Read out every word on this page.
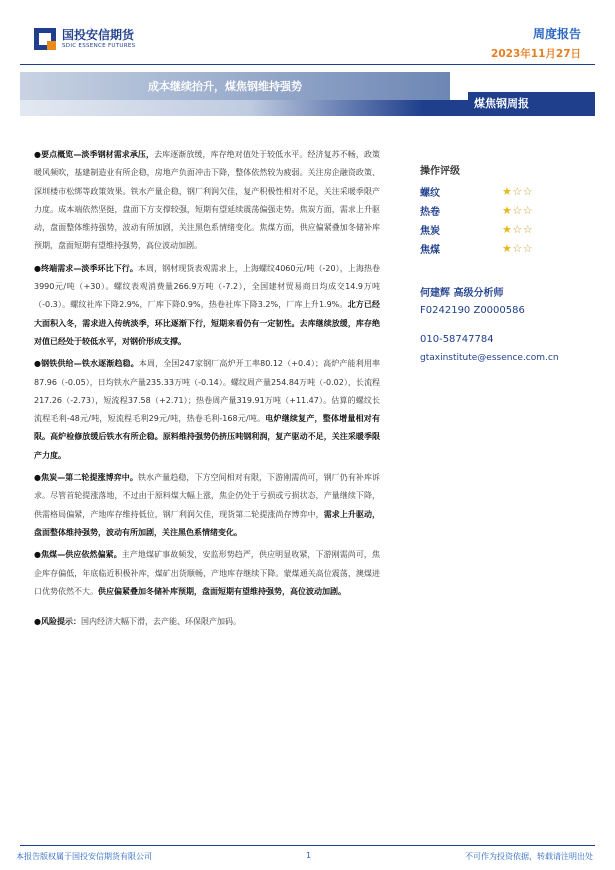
国投安信期货
SDIC ESSENCE FUTURES
周度报告
2023年11月27日
成本继续抬升，煤焦钢维持强势
煤焦钢周报

●要点概览—淡季钢材需求承压，去库逐渐放缓，库存绝对值处于较低水平。经济复苏不畅，政策暖风频吹，基建制造业有所企稳，房地产负面冲击下降，整体依然较为疲弱。关注房企融资政策、深圳楼市松绑等政策效果。铁水产量企稳，钢厂利润欠佳，复产积极性相对不足，关注采暖季限产力度。成本端依然坚挺，盘面下方支撑较强，短期有望延续震荡偏强走势。焦炭方面，需求上升驱动，盘面整体维持强势，波动有所加剧，关注黑色系情绪变化。焦煤方面，供应偏紧叠加冬储补库预期，盘面短期有望维持强势，高位波动加剧。

●终端需求—淡季环比下行。本周，钢材现货表观需求上，上海螺纹4060元/吨（-20），上海热卷3990元/吨（+30）。螺纹表观消费量266.9万吨（-7.2），全国建材贸易商日均成交14.9万吨（-0.3）。螺纹社库下降2.9%，厂库下降0.9%，热卷社库下降3.2%，厂库上升1.9%。北方已经大面积入冬，需求进入传统淡季，环比逐渐下行，短期来看仍有一定韧性。去库继续放缓，库存绝对值已经处于较低水平，对钢价形成支撑。

●钢铁供给—铁水逐渐趋稳。本周，全国247家钢厂高炉开工率80.12（+0.4）；高炉产能利用率87.96（-0.05），日均铁水产量235.33万吨（-0.14）。螺纹周产量254.84万吨（-0.02），长流程217.26（-2.73），短流程37.58（+2.71）；热卷周产量319.91万吨（+11.47）。估算的螺纹长流程毛利-48元/吨，短流程毛利29元/吨，热卷毛利-168元/吨。电炉继续复产，整体增量相对有限。高炉检修放缓后铁水有所企稳。原料维持强势仍挤压吨钢利润，复产驱动不足，关注采暖季限产力度。

●焦炭—第二轮提涨博弈中。铁水产量趋稳，下方空间相对有限，下游刚需尚可，钢厂仍有补库诉求。尽管首轮提涨落地，不过由于原料煤大幅上涨，焦企仍处于亏损或亏损状态，产量继续下降，供需格局偏紧，产地库存维持低位，钢厂利润欠佳，现货第二轮提涨尚存博弈中，需求上升驱动，盘面整体维持强势，波动有所加剧，关注黑色系情绪变化。

●焦煤—供应依然偏紧。主产地煤矿事故频发，安监形势趋严，供应明显收紧，下游刚需尚可，焦企库存偏低，年底临近积极补库，煤矿出货顺畅，产地库存继续下降。蒙煤通关高位震荡，澳煤进口优势依然不大。供应偏紧叠加冬储补库预期，盘面短期有望维持强势，高位波动加剧。

●风险提示：国内经济大幅下滑，去产能、环保限产加码。

操作评级
螺纹	★☆☆
热卷	★☆☆
焦炭	★☆☆
焦煤	★☆☆
何建辉 高级分析师
F0242190 Z0000586
010-58747784
gtaxinstitute@essence.com.cn
本报告版权属于国投安信期货有限公司	1	不可作为投资依据，转载请注明出处
